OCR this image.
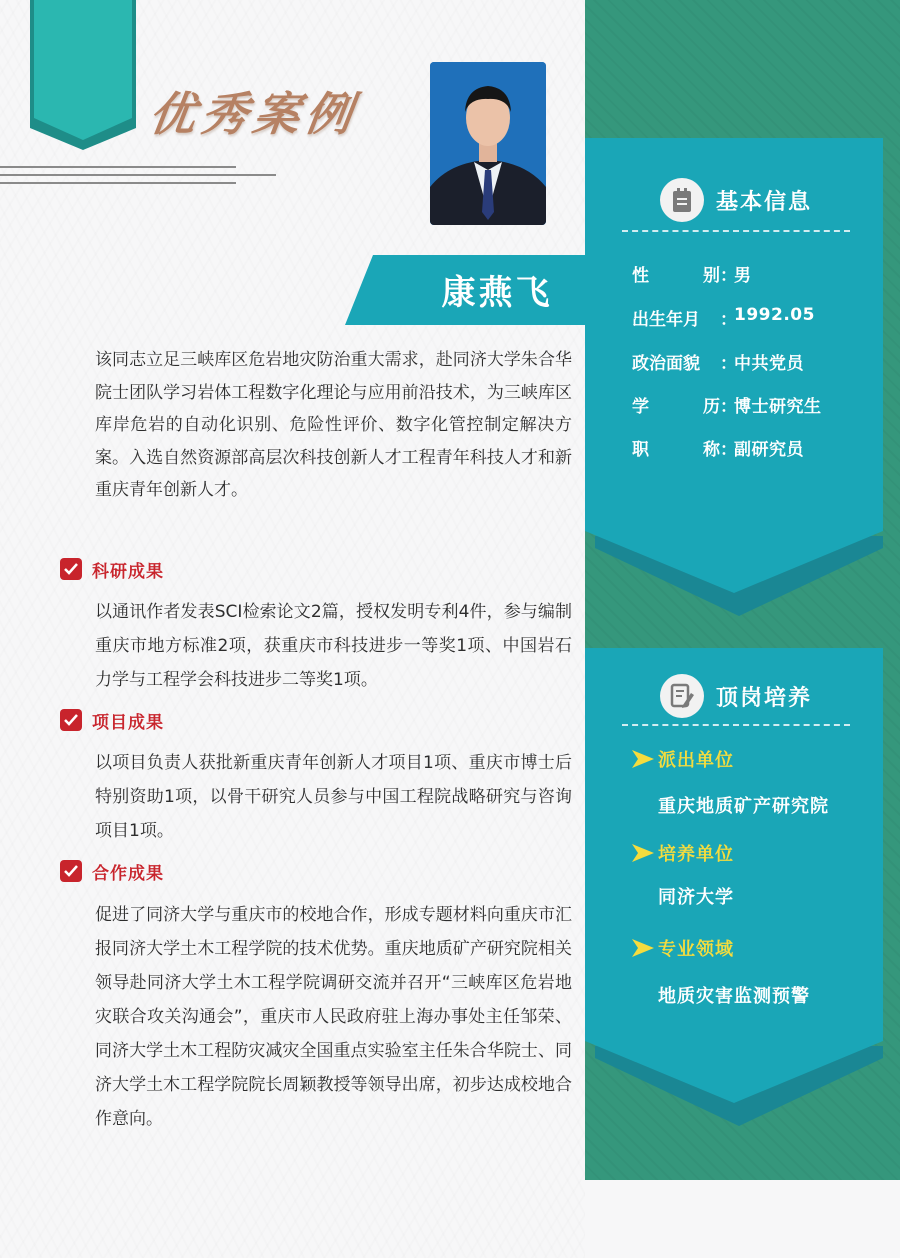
优秀案例
康燕飞
该同志立足三峡库区危岩地灾防治重大需求，赴同济大学朱合华院士团队学习岩体工程数字化理论与应用前沿技术，为三峡库区库岸危岩的自动化识别、危险性评价、数字化管控制定解决方案。入选自然资源部高层次科技创新人才工程青年科技人才和新重庆青年创新人才。
科研成果
以通讯作者发表SCI检索论文2篇，授权发明专利4件，参与编制重庆市地方标准2项，获重庆市科技进步一等奖1项、中国岩石力学与工程学会科技进步二等奖1项。
项目成果
以项目负责人获批新重庆青年创新人才项目1项、重庆市博士后特别资助1项，以骨干研究人员参与中国工程院战略研究与咨询项目1项。
合作成果
促进了同济大学与重庆市的校地合作，形成专题材料向重庆市汇报同济大学土木工程学院的技术优势。重庆地质矿产研究院相关领导赴同济大学土木工程学院调研交流并召开“三峡库区危岩地灾联合攻关沟通会”，重庆市人民政府驻上海办事处主任邹荣、同济大学土木工程防灾减灾全国重点实验室主任朱合华院士、同济大学土木工程学院院长周颖教授等领导出席，初步达成校地合作意向。
基本信息
性	别 ：
男
出生年月	：
1992.05
政治面貌	：
中共党员
学	历 ：
博士研究生
职	称 ：
副研究员
顶岗培养
派出单位
重庆地质矿产研究院
培养单位
同济大学
专业领域
地质灾害监测预警
